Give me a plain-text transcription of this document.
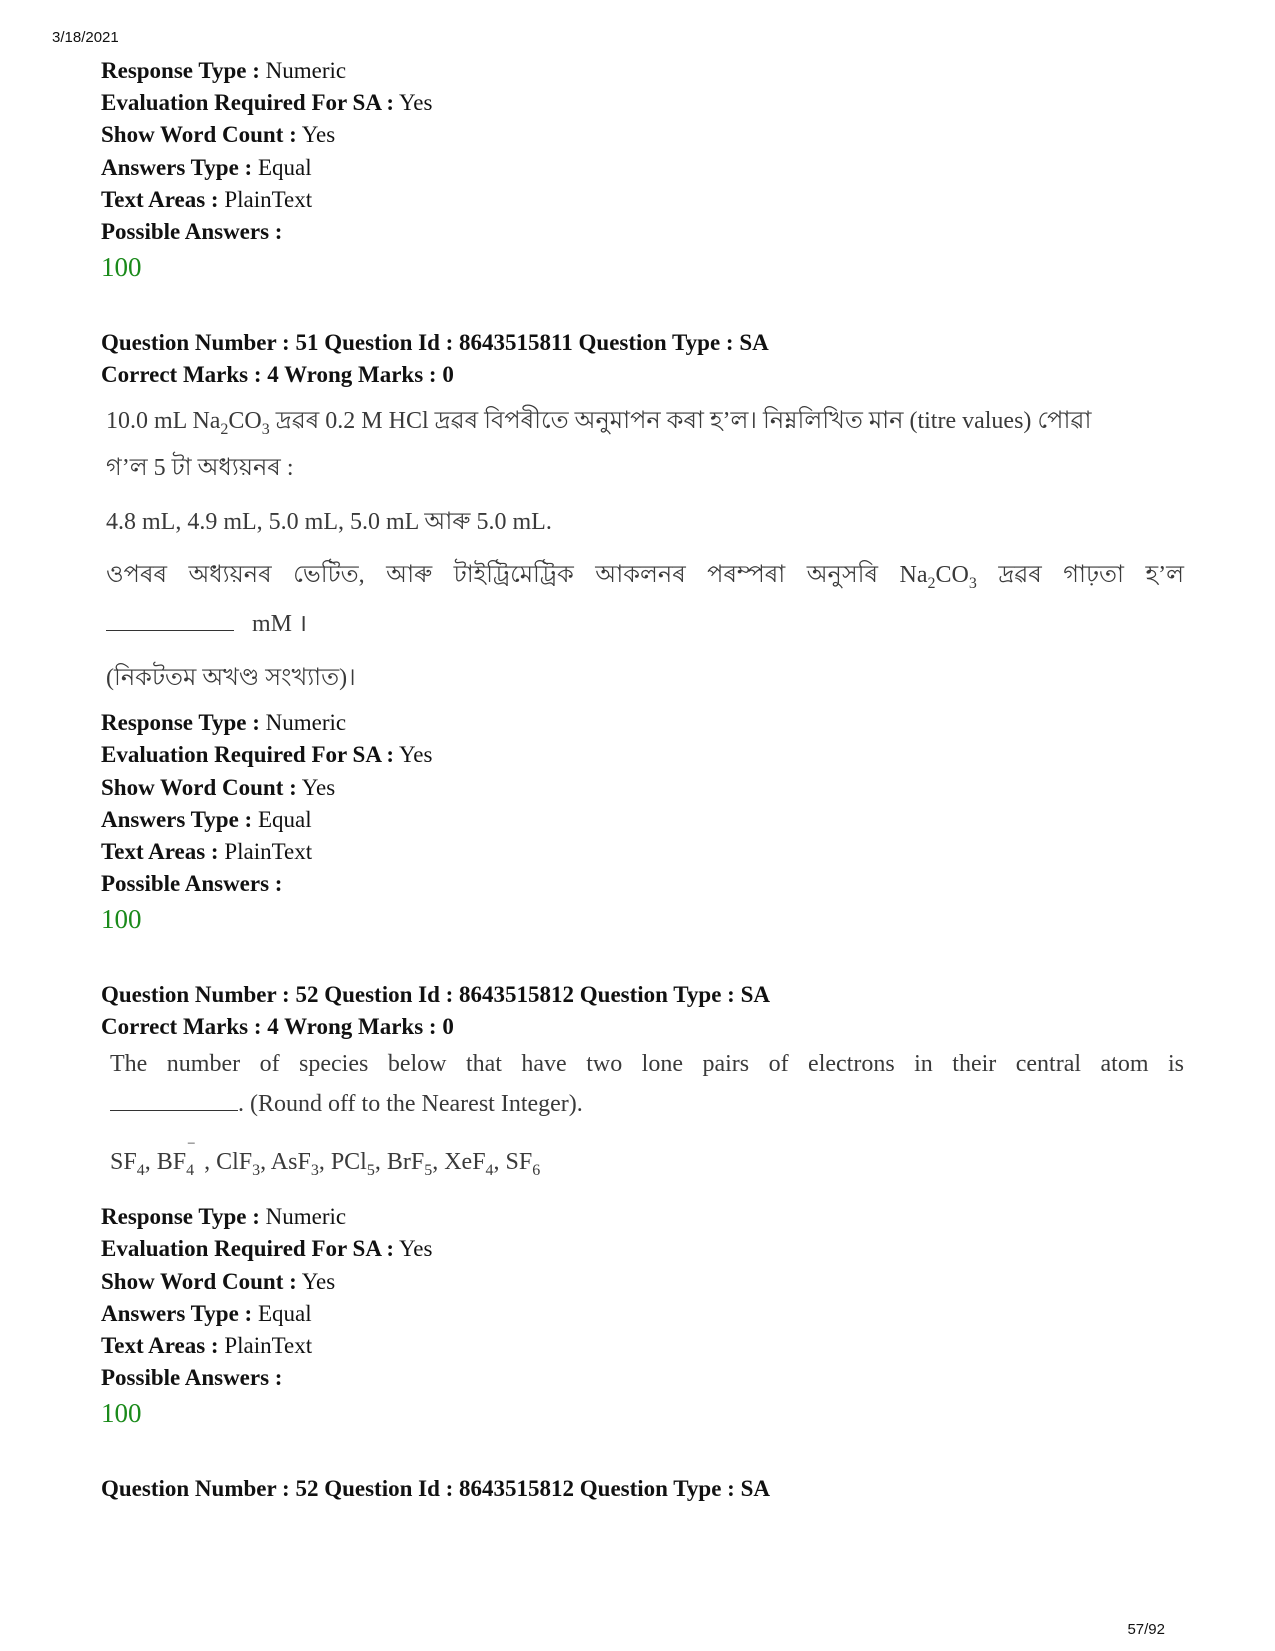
3/18/2021
57/92
Response Type : Numeric
Evaluation Required For SA : Yes
Show Word Count : Yes
Answers Type : Equal
Text Areas : PlainText
Possible Answers :
100
Question Number : 51 Question Id : 8643515811 Question Type : SA
Correct Marks : 4 Wrong Marks : 0
10.0 mL $Na_2CO_3$ দ্ৰৱৰ 0.2 M HCl দ্ৰৱৰ বিপৰীতে অনুমাপন কৰা হ’ল। নিম্নলিখিত মান (titre values) পোৱা
গ’ল 5 টা অধ্যয়নৰ :
4.8 mL, 4.9 mL, 5.0 mL, 5.0 mL আৰু 5.0 mL.
ওপৰৰ অধ্যয়নৰ ভেটিত, আৰু টাইট্ৰিমেট্ৰিক আকলনৰ পৰম্পৰা অনুসৰি $Na_2CO_3$ দ্ৰৱৰ গাঢ়তা হ’ল
mM ।
(নিকটতম অখণ্ড সংখ্যাত)।
Response Type : Numeric
Evaluation Required For SA : Yes
Show Word Count : Yes
Answers Type : Equal
Text Areas : PlainText
Possible Answers :
100
Question Number : 52 Question Id : 8643515812 Question Type : SA
Correct Marks : 4 Wrong Marks : 0
The number of species below that have two lone pairs of electrons in their central atom is
. (Round off to the Nearest Integer).
$SF_4$, BF
−
$_4$ , ClF$_3$, AsF$_3$, PCl$_5$, BrF$_5$, XeF$_4$, $SF_6$
Response Type : Numeric
Evaluation Required For SA : Yes
Show Word Count : Yes
Answers Type : Equal
Text Areas : PlainText
Possible Answers :
100
Question Number : 52 Question Id : 8643515812 Question Type : SA
